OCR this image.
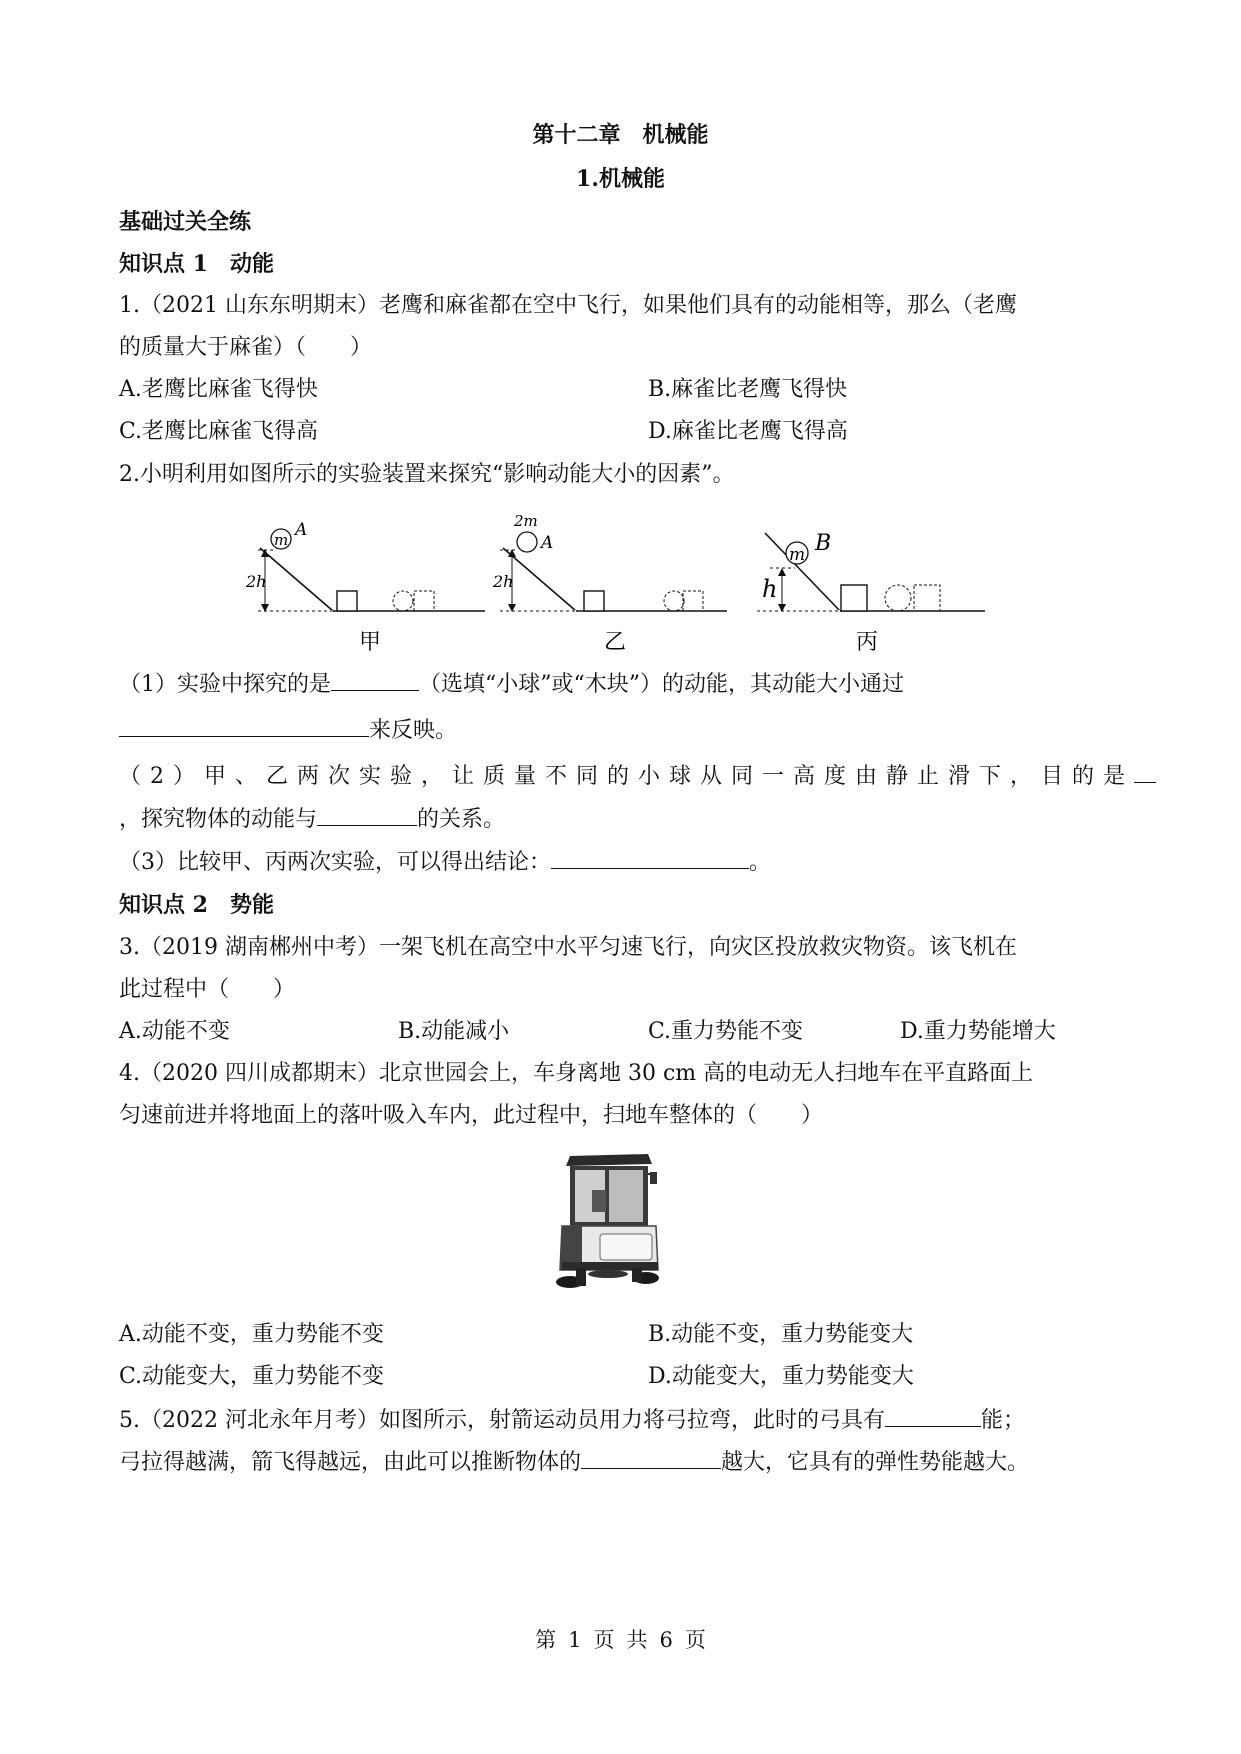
第十二章　机械能
1.机械能
基础过关全练
知识点 1　动能
1.（2021 山东东明期末）老鹰和麻雀都在空中飞行，如果他们具有的动能相等，那么（老鹰
的质量大于麻雀）（　　）
A.老鹰比麻雀飞得快	B.麻雀比老鹰飞得快
C.老鹰比麻雀飞得高	D.麻雀比老鹰飞得高
2.小明利用如图所示的实验装置来探究“影响动能大小的因素”。
2h
m A
甲
2h
2m
A
乙
h
m B
丙
（1）实验中探究的是	（选填“小球”或“木块”）的动能，其动能大小通过
来反映。
（2）甲、乙两次实验，让质量不同的小球从同一高度由静止滑下，目的是
，探究物体的动能与	的关系。
（3）比较甲、丙两次实验，可以得出结论：	。
知识点 2　势能
3.（2019 湖南郴州中考）一架飞机在高空中水平匀速飞行，向灾区投放救灾物资。该飞机在
此过程中（　　）
A.动能不变	B.动能减小	C.重力势能不变	D.重力势能增大
4.（2020 四川成都期末）北京世园会上，车身离地 30 cm 高的电动无人扫地车在平直路面上
匀速前进并将地面上的落叶吸入车内，此过程中，扫地车整体的（　　）
A.动能不变，重力势能不变	B.动能不变，重力势能变大
C.动能变大，重力势能不变	D.动能变大，重力势能变大
5.（2022 河北永年月考）如图所示，射箭运动员用力将弓拉弯，此时的弓具有	能；
弓拉得越满，箭飞得越远，由此可以推断物体的	越大，它具有的弹性势能越大。
第 1 页 共 6 页
